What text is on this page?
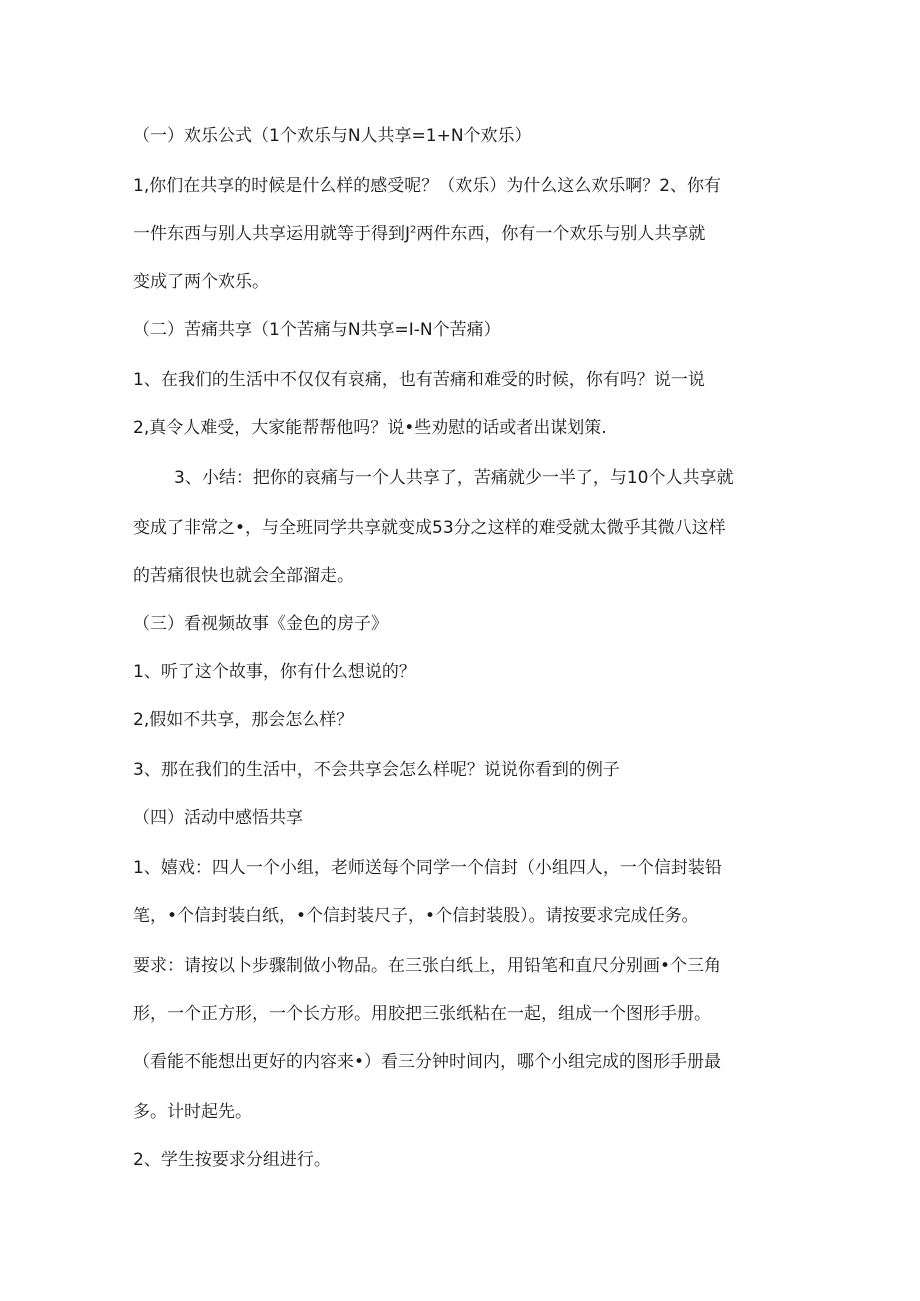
（一）欢乐公式（1个欢乐与N人共享=1+N个欢乐）

1,你们在共享的时候是什么样的感受呢？（欢乐）为什么这么欢乐啊？2、你有

一件东西与别人共享运用就等于得到$J^2$两件东西，你有一个欢乐与别人共享就

变成了两个欢乐。

（二）苦痛共享（1个苦痛与N共享=I-N个苦痛）

1、在我们的生活中不仅仅有哀痛，也有苦痛和难受的时候，你有吗？说一说

2,真令人难受，大家能帮帮他吗？说•些劝慰的话或者出谋划策.

3、小结：把你的哀痛与一个人共享了，苦痛就少一半了，与10个人共享就

变成了非常之•，与全班同学共享就变成53分之这样的难受就太微乎其微八这样

的苦痛很快也就会全部溜走。

（三）看视频故事《金色的房子》

1、听了这个故事，你有什么想说的？

2,假如不共享，那会怎么样？

3、那在我们的生活中，不会共享会怎么样呢？说说你看到的例子

（四）活动中感悟共享

1、嬉戏：四人一个小组，老师送每个同学一个信封（小组四人，一个信封装铅

笔，•个信封装白纸，•个信封装尺子，•个信封装股）。请按要求完成任务。

要求：请按以卜步骤制做小物品。在三张白纸上，用铅笔和直尺分别画•个三角

形，一个正方形，一个长方形。用胶把三张纸粘在一起，组成一个图形手册。

（看能不能想出更好的内容来•）看三分钟时间内，哪个小组完成的图形手册最

多。计时起先。

2、学生按要求分组进行。
